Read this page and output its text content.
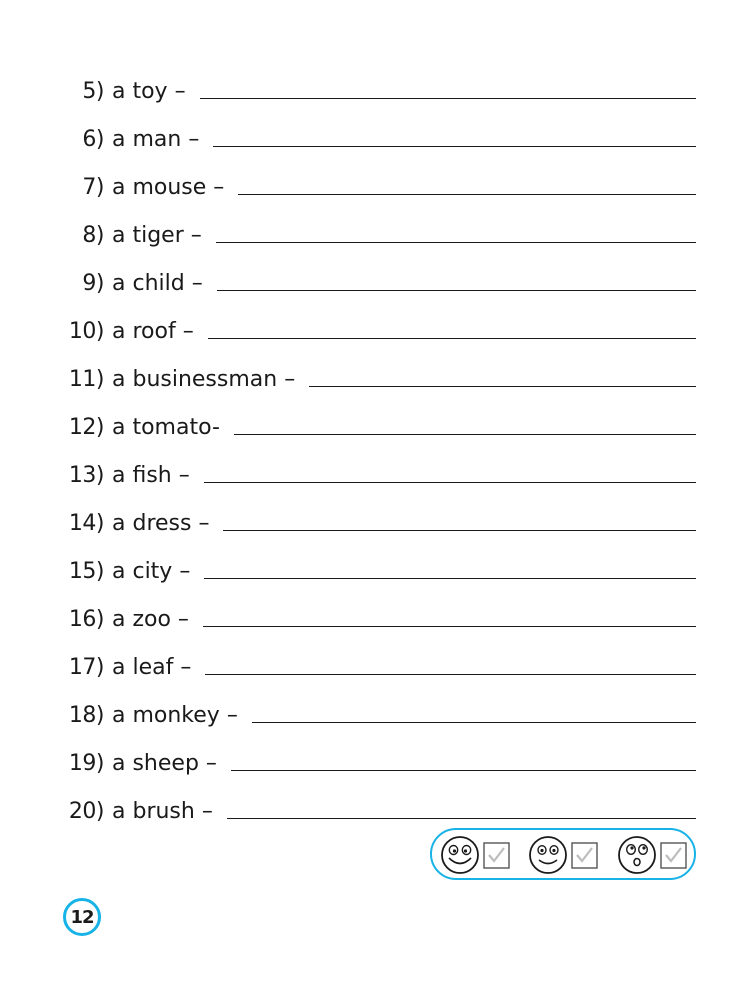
5) a toy –
6) a man –
7) a mouse –
8) a tiger –
9) a child –
10) a roof –
11) a businessman –
12) a tomato-
13) a fish –
14) a dress –
15) a city –
16) a zoo –
17) a leaf –
18) a monkey –
19) a sheep –
20) a brush –
12
